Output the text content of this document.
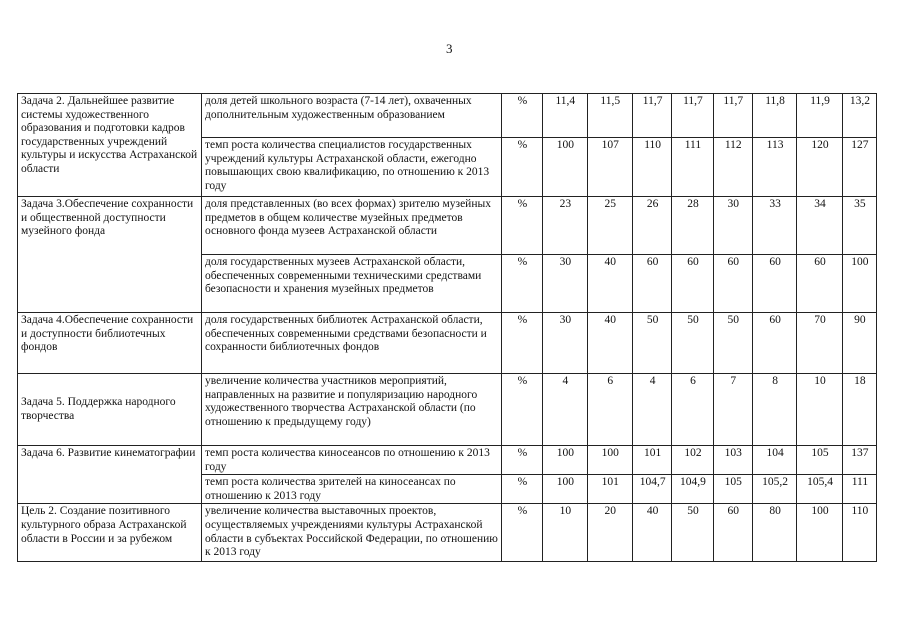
3
Задача 2. Дальнейшее развитие системы художественного образования и подготовки кадров государственных учреждений культуры и искусства Астраханской области	доля детей школьного возраста (7-14 лет), охваченных дополнительным художественным образованием	%	11,4	11,5	11,7	11,7	11,7	11,8	11,9	13,2
	темп роста количества специалистов государственных учреждений культуры Астраханской области, ежегодно повышающих свою квалификацию, по отношению к 2013 году	%	100	107	110	111	112	113	120	127
Задача 3.Обеспечение сохранности и общественной доступности музейного фонда	доля представленных (во всех формах) зрителю музейных предметов в общем количестве музейных предметов основного фонда музеев Астраханской области	%	23	25	26	28	30	33	34	35
	доля государственных музеев Астраханской области, обеспеченных современными техническими средствами безопасности и хранения музейных предметов	%	30	40	60	60	60	60	60	100
Задача 4.Обеспечение сохранности и доступности библиотечных фондов	доля государственных библиотек Астраханской области, обеспеченных современными средствами безопасности и сохранности библиотечных фондов	%	30	40	50	50	50	60	70	90
Задача 5. Поддержка народного творчества	увеличение количества участников мероприятий, направленных на развитие и популяризацию народного художественного творчества Астраханской области (по отношению к предыдущему году)	%	4	6	4	6	7	8	10	18
Задача 6. Развитие кинематографии	темп роста количества киносеансов по отношению к 2013 году	%	100	100	101	102	103	104	105	137
	темп роста количества зрителей на киносеансах по отношению к 2013 году	%	100	101	104,7	104,9	105	105,2	105,4	111
Цель 2. Создание позитивного культурного образа Астраханской области в России и за рубежом	увеличение количества выставочных проектов, осуществляемых учреждениями культуры Астраханской области в субъектах Российской Федерации, по отношению к 2013 году	%	10	20	40	50	60	80	100	110
